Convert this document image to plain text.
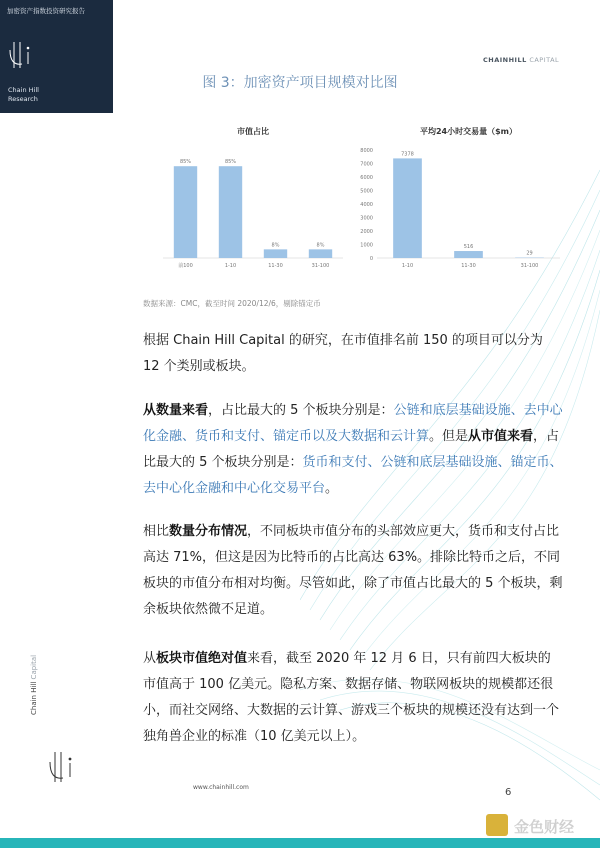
加密资产指数投资研究报告
Chain Hill
Research
CHAINHILL CAPITAL
图 3：加密资产项目规模对比图
市值占比
85%
前100
85%
1-10
8%
11-30
8%
31-100
平均24小时交易量（$m）
0
1000
2000
3000
4000
5000
6000
7000
8000
7378
1-10
516
11-30
29
31-100
数据来源：CMC，截至时间 2020/12/6，剔除锚定币
根据 Chain Hill Capital 的研究，在市值排名前 150 的项目可以分为 12 个类别或板块。
从数量来看，占比最大的 5 个板块分别是：公链和底层基础设施、去中心化金融、货币和支付、锚定币以及大数据和云计算。但是从市值来看，占比最大的 5 个板块分别是：货币和支付、公链和底层基础设施、锚定币、去中心化金融和中心化交易平台。
相比数量分布情况，不同板块市值分布的头部效应更大，货币和支付占比高达 71%，但这是因为比特币的占比高达 63%。排除比特币之后，不同板块的市值分布相对均衡。尽管如此，除了市值占比最大的 5 个板块，剩余板块依然微不足道。
从板块市值绝对值来看，截至 2020 年 12 月 6 日，只有前四大板块的市值高于 100 亿美元。隐私方案、数据存储、物联网板块的规模都还很小，而社交网络、大数据的云计算、游戏三个板块的规模还没有达到一个独角兽企业的标准（10 亿美元以上）。
Chain Hill Capital
www.chainhill.com	6
金色财经
